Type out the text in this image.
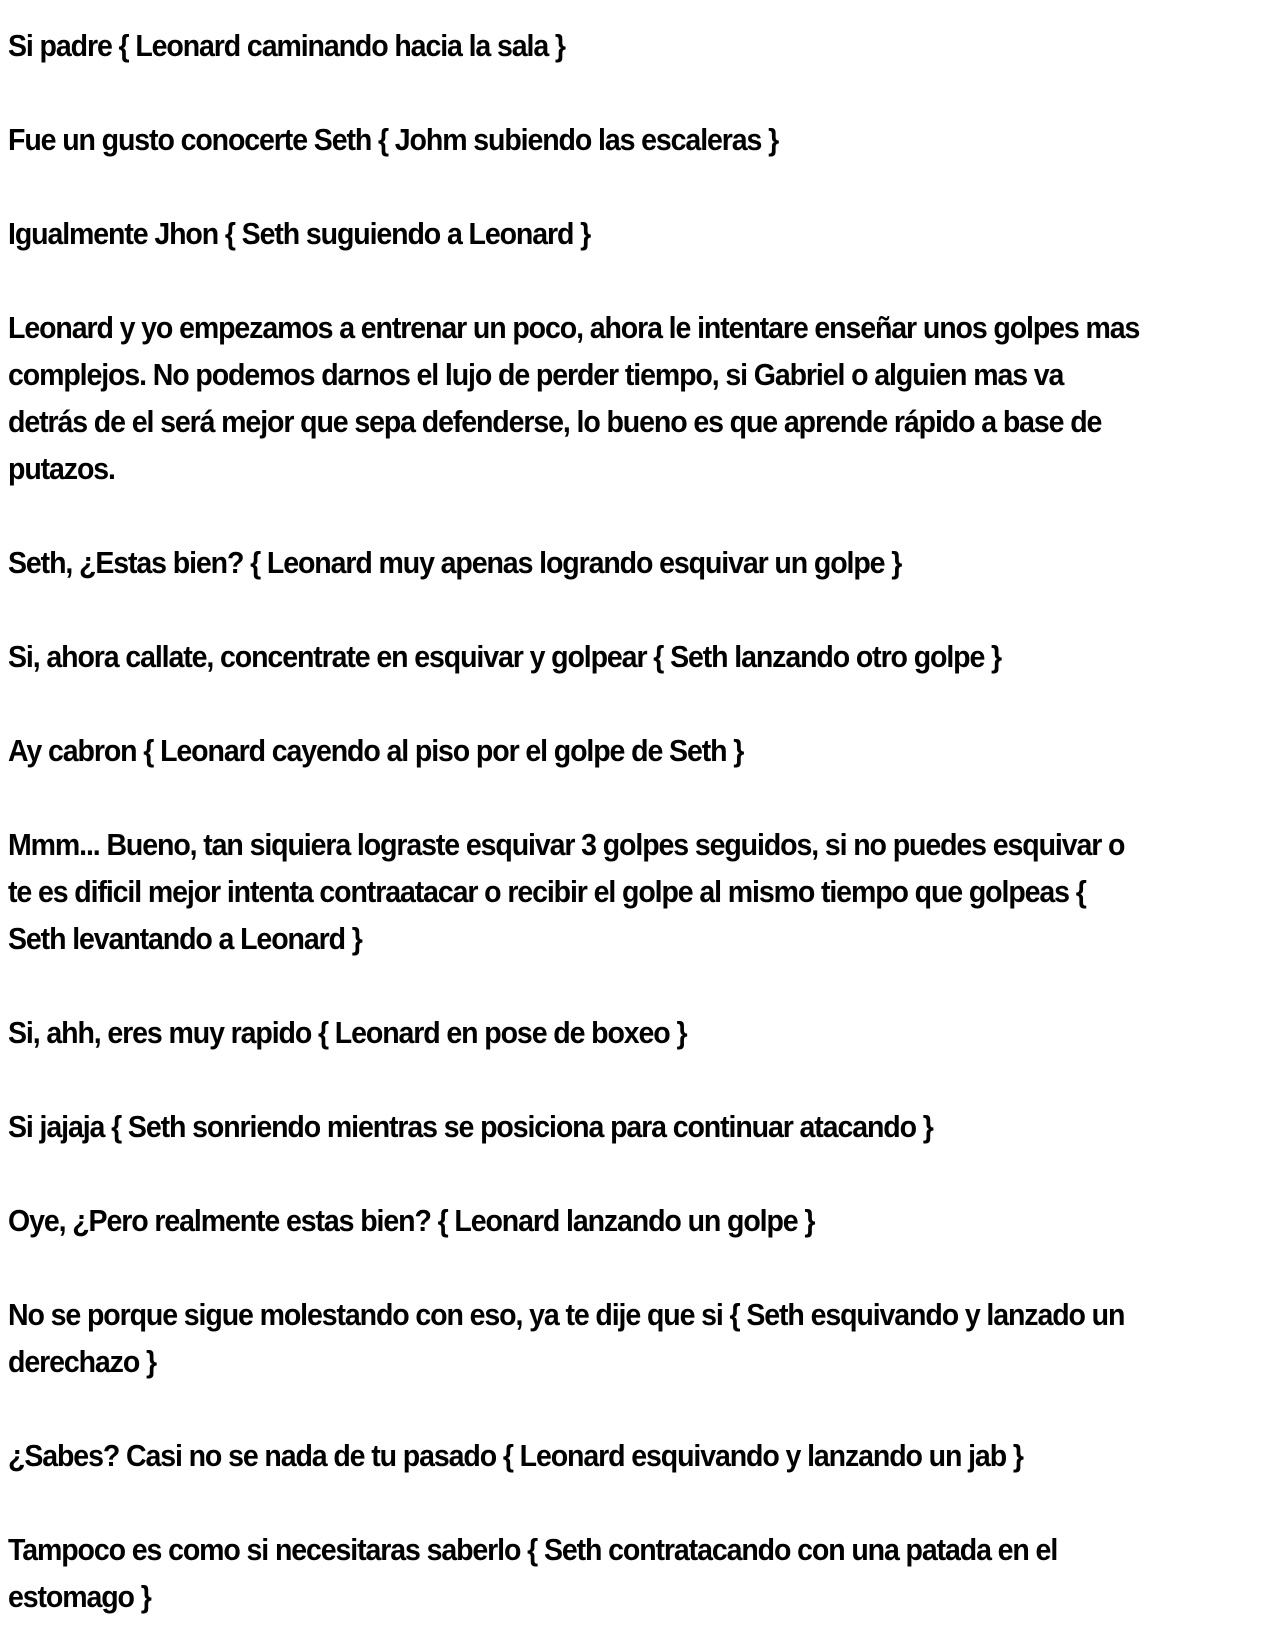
Si padre { Leonard caminando hacia la sala }

Fue un gusto conocerte Seth { Johm subiendo las escaleras }

Igualmente Jhon { Seth suguiendo a Leonard }

Leonard y yo empezamos a entrenar un poco, ahora le intentare enseñar unos golpes mas complejos. No podemos darnos el lujo de perder tiempo, si Gabriel o alguien mas va detrás de el será mejor que sepa defenderse, lo bueno es que aprende rápido a base de putazos.

Seth, ¿Estas bien? { Leonard muy apenas logrando esquivar un golpe }

Si, ahora callate, concentrate en esquivar y golpear { Seth lanzando otro golpe }

Ay cabron { Leonard cayendo al piso por el golpe de Seth }

Mmm... Bueno, tan siquiera lograste esquivar 3 golpes seguidos, si no puedes esquivar o te es dificil mejor intenta contraatacar o recibir el golpe al mismo tiempo que golpeas { Seth levantando a Leonard }

Si, ahh, eres muy rapido { Leonard en pose de boxeo }

Si jajaja { Seth sonriendo mientras se posiciona para continuar atacando }

Oye, ¿Pero realmente estas bien? { Leonard lanzando un golpe }

No se porque sigue molestando con eso, ya te dije que si { Seth esquivando y lanzado un derechazo }

¿Sabes? Casi no se nada de tu pasado { Leonard esquivando y lanzando un jab }

Tampoco es como si necesitaras saberlo { Seth contratacando con una patada en el estomago }
